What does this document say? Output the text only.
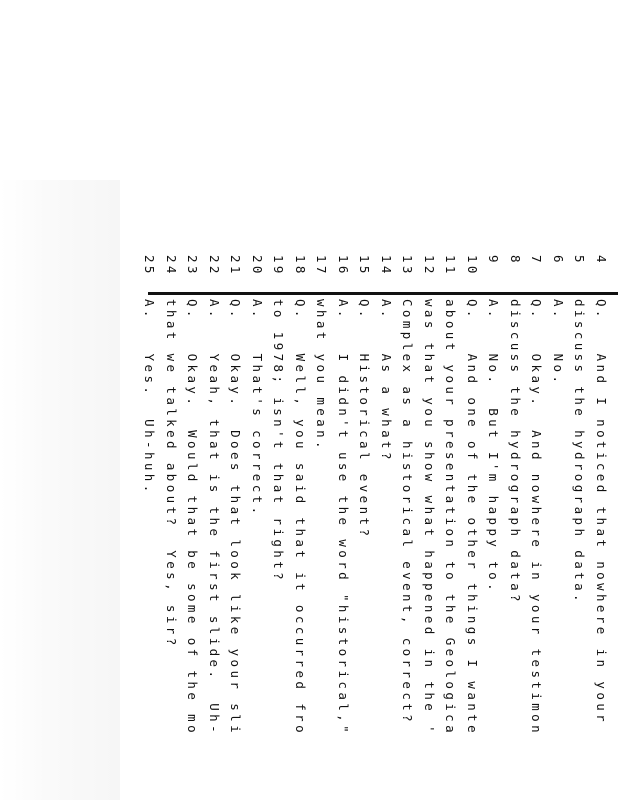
4Q.   And I noticed that nowhere in your
5discuss the hydrograph data.
6A.   No.
7Q.   Okay.  And nowhere in your testimon
8discuss the hydrograph data?
9A.   No.  But I'm happy to.
10Q.   And one of the other things I wante
11about your presentation to the Geologica
12was that you show what happened in the '
13Complex as a historical event, correct?
14A.   As a what?
15Q.   Historical event?
16A.   I didn't use the word "historical,"
17what you mean.
18Q.   Well, you said that it occurred fro
19to 1978; isn't that right?
20A.   That's correct.
21Q.   Okay.  Does that look like your sli
22A.   Yeah, that is the first slide.  Uh-
23Q.   Okay.  Would that be some of the mo
24that we talked about?  Yes, sir?
25A.   Yes.  Uh-huh.
